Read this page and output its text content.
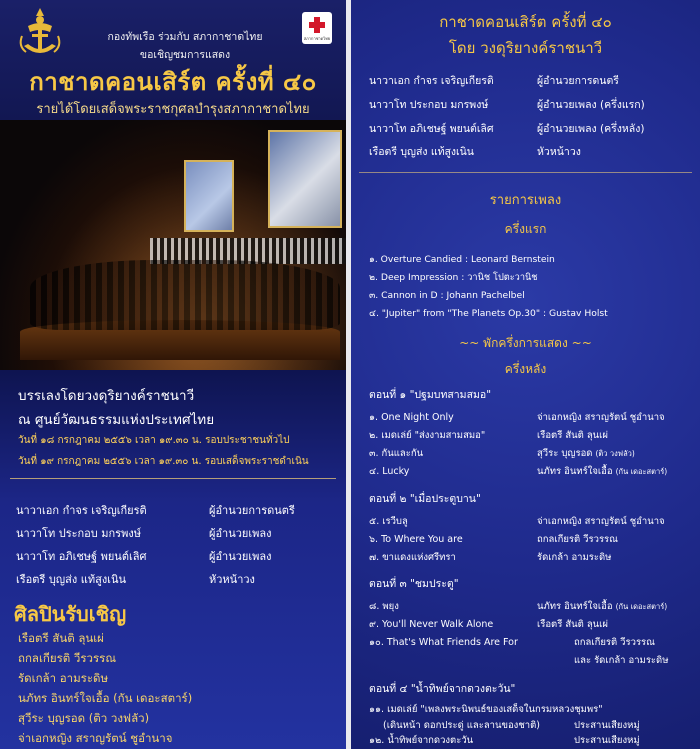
กองทัพเรือ ร่วมกับ สภากาชาดไทย
ขอเชิญชมการแสดง
สภากาชาดไทย
กาชาดคอนเสิร์ต ครั้งที่ ๔๐
รายได้โดยเสด็จพระราชกุศลบำรุงสภากาชาดไทย
บรรเลงโดยวงดุริยางค์ราชนาวี
ณ ศูนย์วัฒนธรรมแห่งประเทศไทย
วันที่ ๑๘ กรกฎาคม ๒๕๕๖ เวลา ๑๙.๓๐ น. รอบประชาชนทั่วไป
วันที่ ๑๙ กรกฎาคม ๒๕๕๖ เวลา ๑๙.๓๐ น. รอบเสด็จพระราชดำเนิน
นาวาเอก กำจร เจริญเกียรติ	ผู้อำนวยการดนตรี
นาวาโท ประกอบ มกรพงษ์	ผู้อำนวยเพลง
นาวาโท อภิเชษฐ์ พยนต์เลิศ	ผู้อำนวยเพลง
เรือตรี บุญส่ง แท้สูงเนิน	หัวหน้าวง
ศิลปินรับเชิญ
เรือตรี สันติ ลุนเผ่
ถกลเกียรติ วีรวรรณ
รัดเกล้า อามระดิษ
นภัทร อินทร์ใจเอื้อ (กัน เดอะสตาร์)
สุวีระ บุญรอด (ติว วงฟลัว)
จ่าเอกหญิง สราญรัตน์ ชูอำนาจ
กาชาดคอนเสิร์ต ครั้งที่ ๔๐
โดย วงดุริยางค์ราชนาวี
นาวาเอก กำจร เจริญเกียรติ	ผู้อำนวยการดนตรี
นาวาโท ประกอบ มกรพงษ์	ผู้อำนวยเพลง (ครึ่งแรก)
นาวาโท อภิเชษฐ์ พยนต์เลิศ	ผู้อำนวยเพลง (ครึ่งหลัง)
เรือตรี บุญส่ง แท้สูงเนิน	หัวหน้าวง
รายการเพลง
ครึ่งแรก
๑. Overture Candied : Leonard Bernstein
๒. Deep Impression : วานิช โปตะวานิช
๓. Cannon in D : Johann Pachelbel
๔. "Jupiter" from "The Planets Op.30" : Gustav Holst
~~ พักครึ่งการแสดง ~~
ครึ่งหลัง
ตอนที่ ๑ "ปฐมบทสามสมอ"
๑. One Night Only	จ่าเอกหญิง สราญรัตน์ ชูอำนาจ
๒. เมดเล่ย์ "ส่งงามสามสมอ"	เรือตรี สันติ ลุนเผ่
๓. กันและกัน	สุวีระ บุญรอด (ติว วงฟลัว)
๔. Lucky	นภัทร อินทร์ใจเอื้อ (กัน เดอะสตาร์)
ตอนที่ ๒ "เมื่อประตูบาน"
๕. เรวีบลู	จ่าเอกหญิง สราญรัตน์ ชูอำนาจ
๖. To Where You are	ถกลเกียรติ วีรวรรณ
๗. ขาแดงแห่งศรีทรา	รัดเกล้า อามระดิษ
ตอนที่ ๓ "ชมประตู"
๘. พยุง	นภัทร อินทร์ใจเอื้อ (กัน เดอะสตาร์)
๙. You'll Never Walk Alone	เรือตรี สันติ ลุนเผ่
๑๐. That's What Friends Are For	ถกลเกียรติ วีรวรรณ
และ รัดเกล้า อามระดิษ
ตอนที่ ๔ "น้ำทิพย์จากดวงตะวัน"
๑๑. เมดเล่ย์ "เพลงพระนิพนธ์ของเสด็จในกรมหลวงชุมพร"
(เดินหน้า ดอกประดู่ และลานของชาติ)	ประสานเสียงหมู่
๑๒. น้ำทิพย์จากดวงตะวัน	ประสานเสียงหมู่
